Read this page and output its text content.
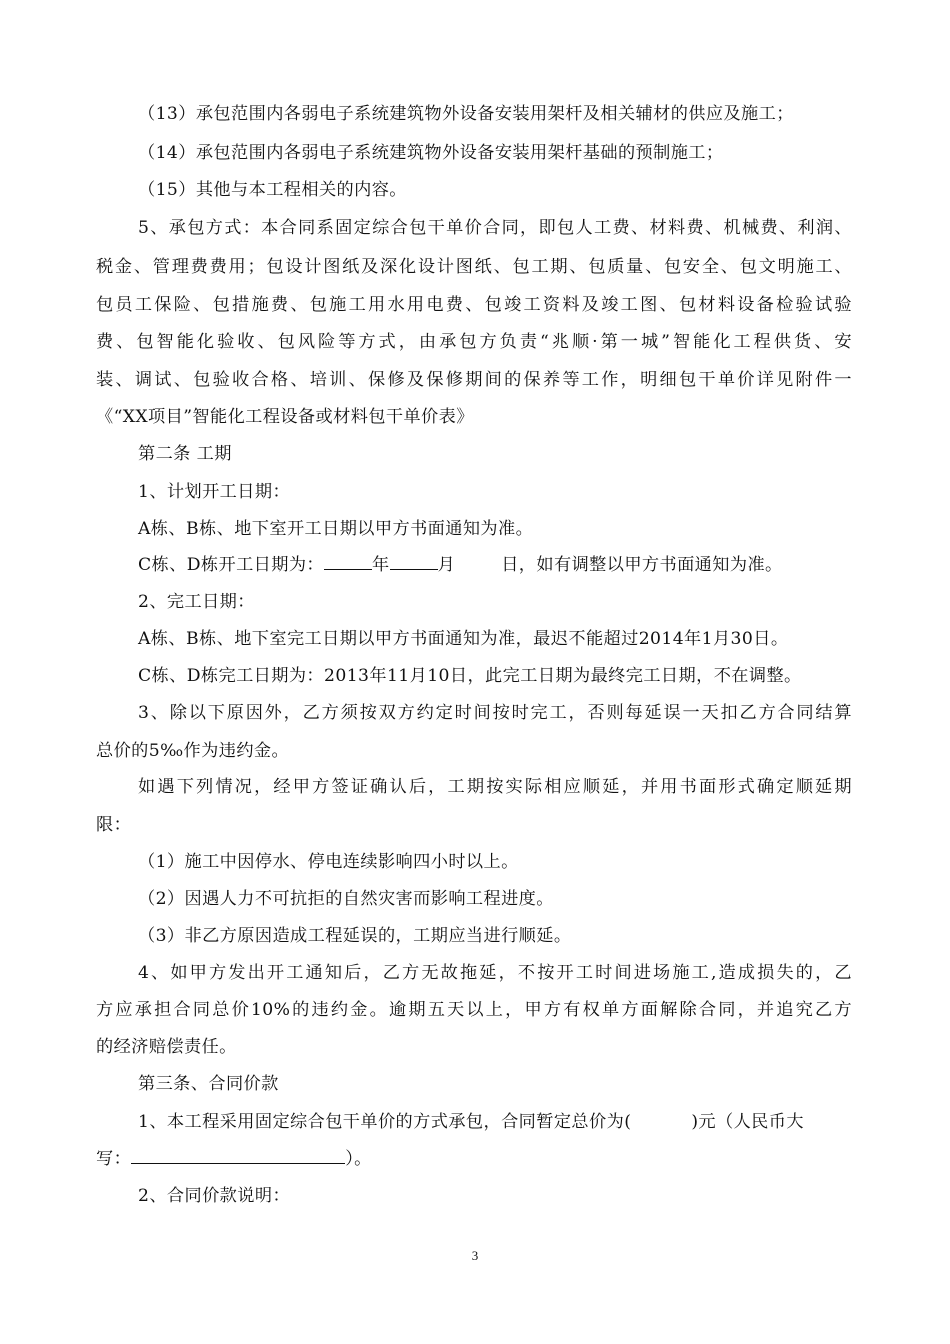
（13）承包范围内各弱电子系统建筑物外设备安装用架杆及相关辅材的供应及施工；
（14）承包范围内各弱电子系统建筑物外设备安装用架杆基础的预制施工；
（15）其他与本工程相关的内容。
5、承包方式：本合同系固定综合包干单价合同，即包人工费、材料费、机械费、利润、
税金、管理费费用；包设计图纸及深化设计图纸、包工期、包质量、包安全、包文明施工、
包员工保险、包措施费、包施工用水用电费、包竣工资料及竣工图、包材料设备检验试验
费、包智能化验收、包风险等方式，由承包方负责“兆顺·第一城”智能化工程供货、安
装、调试、包验收合格、培训、保修及保修期间的保养等工作，明细包干单价详见附件一
《“XX项目”智能化工程设备或材料包干单价表》
第二条 工期
1、计划开工日期：
A栋、B栋、地下室开工日期以甲方书面通知为准。
C栋、D栋开工日期为：	年	月	日，如有调整以甲方书面通知为准。
2、完工日期：
A栋、B栋、地下室完工日期以甲方书面通知为准，最迟不能超过2014年1月30日。
C栋、D栋完工日期为：2013年11月10日，此完工日期为最终完工日期，不在调整。
3、除以下原因外，乙方须按双方约定时间按时完工，否则每延误一天扣乙方合同结算
总价的5‰作为违约金。
如遇下列情况，经甲方签证确认后，工期按实际相应顺延，并用书面形式确定顺延期
限：
（1）施工中因停水、停电连续影响四小时以上。
（2）因遇人力不可抗拒的自然灾害而影响工程进度。
（3）非乙方原因造成工程延误的，工期应当进行顺延。
4、如甲方发出开工通知后，乙方无故拖延，不按开工时间进场施工,造成损失的，乙
方应承担合同总价10%的违约金。逾期五天以上，甲方有权单方面解除合同，并追究乙方
的经济赔偿责任。
第三条、合同价款
1、本工程采用固定综合包干单价的方式承包，合同暂定总价为(	)元（人民币大
写：	）。
2、合同价款说明：
3
